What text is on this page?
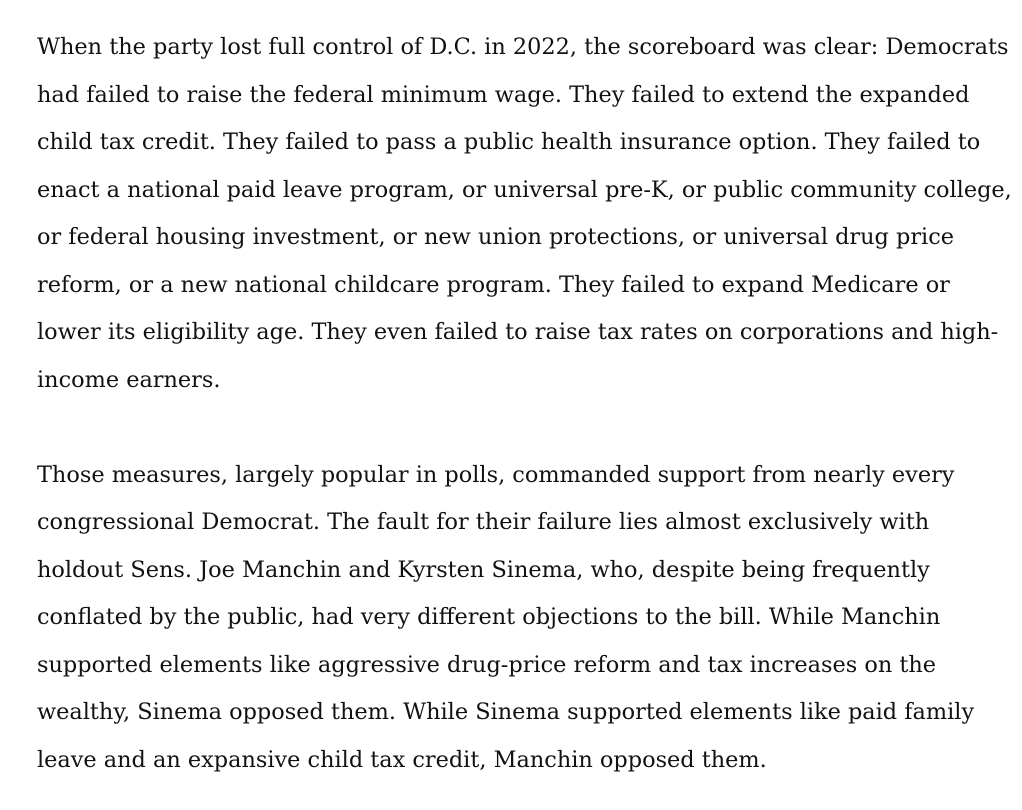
When the party lost full control of D.C. in 2022, the scoreboard was clear: Democrats
had failed to raise the federal minimum wage. They failed to extend the expanded
child tax credit. They failed to pass a public health insurance option. They failed to
enact a national paid leave program, or universal pre-K, or public community college,
or federal housing investment, or new union protections, or universal drug price
reform, or a new national childcare program. They failed to expand Medicare or
lower its eligibility age. They even failed to raise tax rates on corporations and high-
income earners.

Those measures, largely popular in polls, commanded support from nearly every
congressional Democrat. The fault for their failure lies almost exclusively with
holdout Sens. Joe Manchin and Kyrsten Sinema, who, despite being frequently
conflated by the public, had very different objections to the bill. While Manchin
supported elements like aggressive drug-price reform and tax increases on the
wealthy, Sinema opposed them. While Sinema supported elements like paid family
leave and an expansive child tax credit, Manchin opposed them.
